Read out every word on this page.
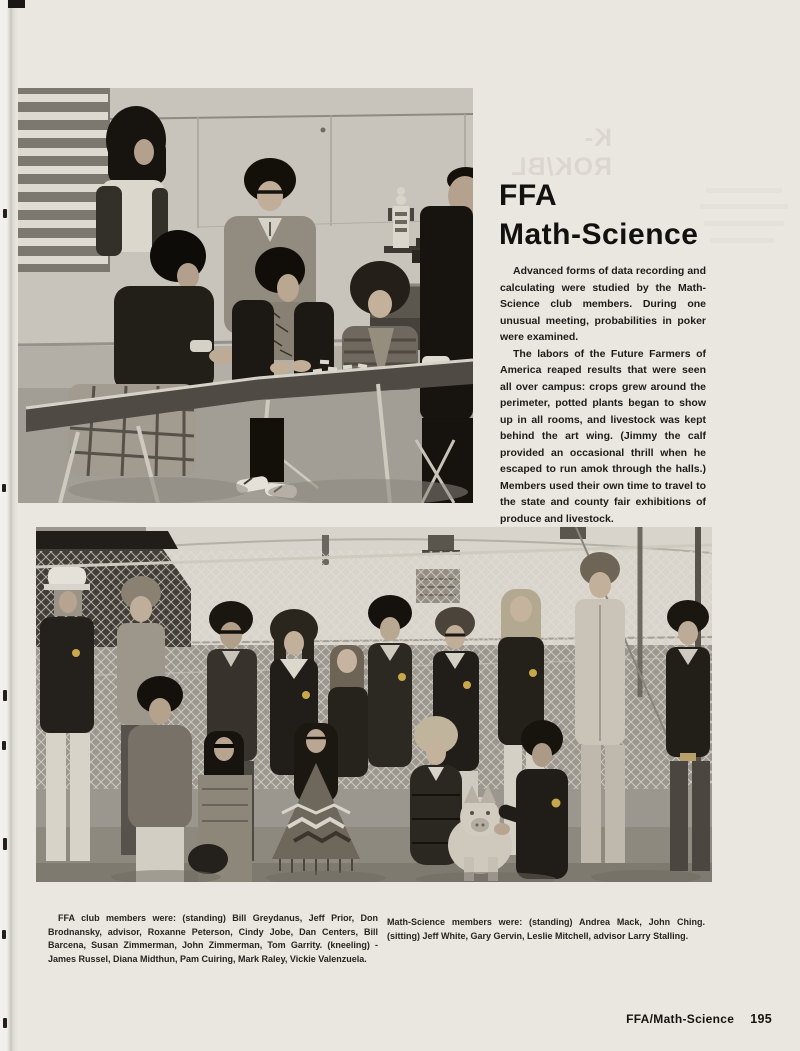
K-ROK/BL
FFA
Math-Science

Advanced forms of data recording and calculating were studied by the Math-Science club members. During one unusual meeting, probabilities in poker were examined.

The labors of the Future Farmers of America reaped results that were seen all over campus: crops grew around the perimeter, potted plants began to show up in all rooms, and livestock was kept behind the art wing. (Jimmy the calf provided an occasional thrill when he escaped to run amok through the halls.) Members used their own time to travel to the state and county fair exhibitions of produce and livestock.

FFA club members were: (standing) Bill Greydanus, Jeff Prior, Don Brodnansky, advisor, Roxanne Peterson, Cindy Jobe, Dan Centers, Bill Barcena, Susan Zimmerman, John Zimmerman, Tom Garrity. (kneeling) - James Russel, Diana Midthun, Pam Cuiring, Mark Raley, Vickie Valenzuela.

Math-Science members were: (standing) Andrea Mack, John Ching. (sitting) Jeff White, Gary Gervin, Leslie Mitchell, advisor Larry Stalling.

FFA/Math-Science 195
